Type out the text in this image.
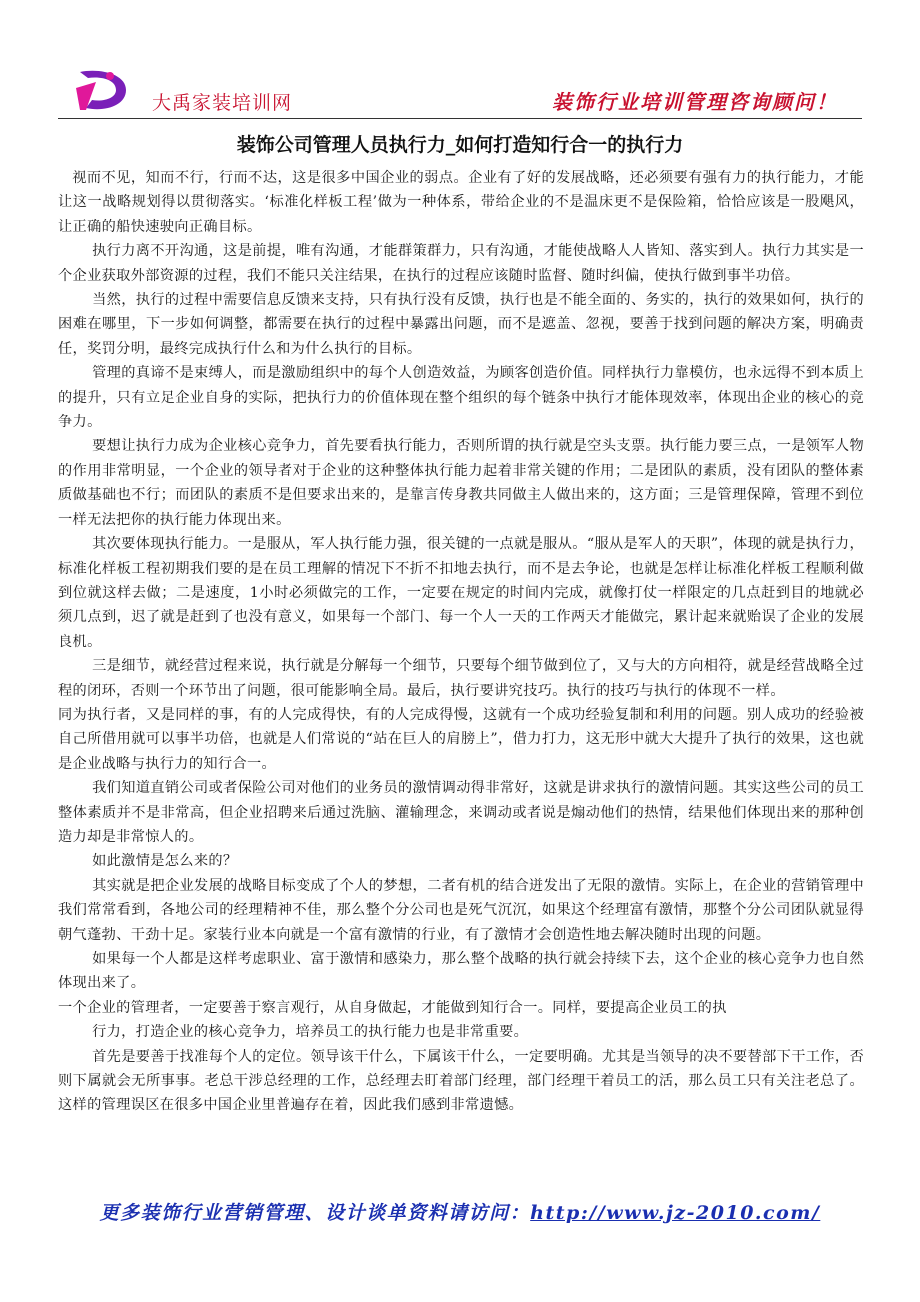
大禹家装培训网	装饰行业培训管理咨询顾问！
装饰公司管理人员执行力_如何打造知行合一的执行力

视而不见，知而不行，行而不达，这是很多中国企业的弱点。企业有了好的发展战略，还必须要有强有力的执行能力，才能让这一战略规划得以贯彻落实。‘标准化样板工程’做为一种体系，带给企业的不是温床更不是保险箱，恰恰应该是一股飓风，让正确的船快速驶向正确目标。

执行力离不开沟通，这是前提，唯有沟通，才能群策群力，只有沟通，才能使战略人人皆知、落实到人。执行力其实是一个企业获取外部资源的过程，我们不能只关注结果，在执行的过程应该随时监督、随时纠偏，使执行做到事半功倍。

当然，执行的过程中需要信息反馈来支持，只有执行没有反馈，执行也是不能全面的、务实的，执行的效果如何，执行的困难在哪里，下一步如何调整，都需要在执行的过程中暴露出问题，而不是遮盖、忽视，要善于找到问题的解决方案，明确责任，奖罚分明，最终完成执行什么和为什么执行的目标。

管理的真谛不是束缚人，而是激励组织中的每个人创造效益，为顾客创造价值。同样执行力靠模仿，也永远得不到本质上的提升，只有立足企业自身的实际，把执行力的价值体现在整个组织的每个链条中执行才能体现效率，体现出企业的核心的竞争力。

要想让执行力成为企业核心竞争力，首先要看执行能力，否则所谓的执行就是空头支票。执行能力要三点，一是领军人物的作用非常明显，一个企业的领导者对于企业的这种整体执行能力起着非常关键的作用；二是团队的素质，没有团队的整体素质做基础也不行；而团队的素质不是但要求出来的，是靠言传身教共同做主人做出来的，这方面；三是管理保障，管理不到位一样无法把你的执行能力体现出来。

其次要体现执行能力。一是服从，军人执行能力强，很关键的一点就是服从。“服从是军人的天职”，体现的就是执行力，标准化样板工程初期我们要的是在员工理解的情况下不折不扣地去执行，而不是去争论，也就是怎样让标准化样板工程顺利做到位就这样去做；二是速度，1小时必须做完的工作，一定要在规定的时间内完成，就像打仗一样限定的几点赶到目的地就必须几点到，迟了就是赶到了也没有意义，如果每一个部门、每一个人一天的工作两天才能做完，累计起来就贻误了企业的发展良机。

三是细节，就经营过程来说，执行就是分解每一个细节，只要每个细节做到位了，又与大的方向相符，就是经营战略全过程的闭环，否则一个环节出了问题，很可能影响全局。最后，执行要讲究技巧。执行的技巧与执行的体现不一样。

同为执行者，又是同样的事，有的人完成得快，有的人完成得慢，这就有一个成功经验复制和利用的问题。别人成功的经验被自己所借用就可以事半功倍，也就是人们常说的“站在巨人的肩膀上”，借力打力，这无形中就大大提升了执行的效果，这也就是企业战略与执行力的知行合一。

我们知道直销公司或者保险公司对他们的业务员的激情调动得非常好，这就是讲求执行的激情问题。其实这些公司的员工整体素质并不是非常高，但企业招聘来后通过洗脑、灌输理念，来调动或者说是煽动他们的热情，结果他们体现出来的那种创造力却是非常惊人的。

如此激情是怎么来的？

其实就是把企业发展的战略目标变成了个人的梦想，二者有机的结合迸发出了无限的激情。实际上，在企业的营销管理中我们常常看到，各地公司的经理精神不佳，那么整个分公司也是死气沉沉，如果这个经理富有激情，那整个分公司团队就显得朝气蓬勃、干劲十足。家装行业本向就是一个富有激情的行业，有了激情才会创造性地去解决随时出现的问题。

如果每一个人都是这样考虑职业、富于激情和感染力，那么整个战略的执行就会持续下去，这个企业的核心竞争力也自然体现出来了。

一个企业的管理者，一定要善于察言观行，从自身做起，才能做到知行合一。同样，要提高企业员工的执

行力，打造企业的核心竞争力，培养员工的执行能力也是非常重要。

首先是要善于找准每个人的定位。领导该干什么，下属该干什么，一定要明确。尤其是当领导的决不要替部下干工作，否则下属就会无所事事。老总干涉总经理的工作，总经理去盯着部门经理，部门经理干着员工的活，那么员工只有关注老总了。这样的管理误区在很多中国企业里普遍存在着，因此我们感到非常遗憾。

更多装饰行业营销管理、设计谈单资料请访问：http://www.jz-2010.com/
